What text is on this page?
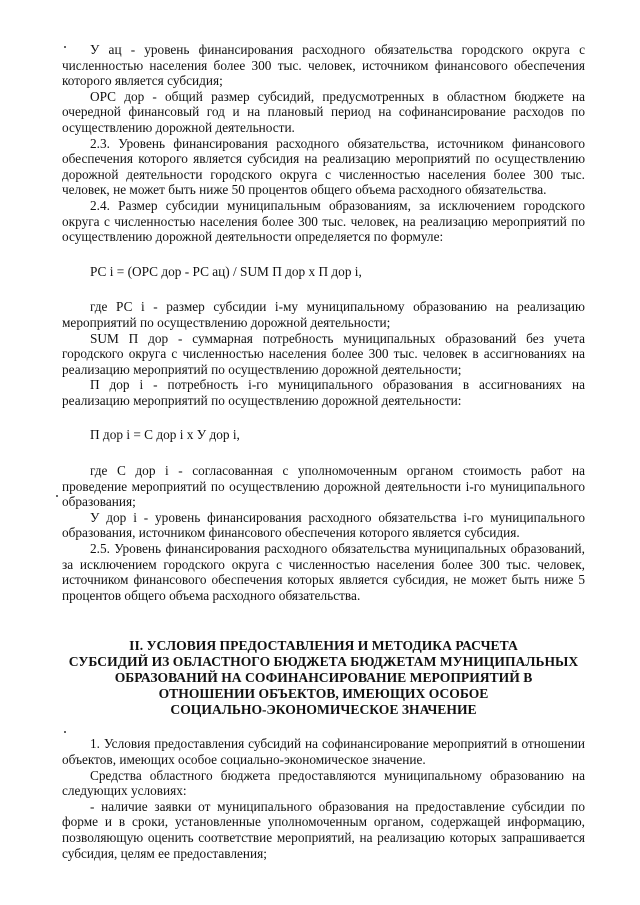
У ац - уровень финансирования расходного обязательства городского округа с численностью населения более 300 тыс. человек, источником финансового обеспечения которого является субсидия;

ОРС дор - общий размер субсидий, предусмотренных в областном бюджете на очередной финансовый год и на плановый период на софинансирование расходов по осуществлению дорожной деятельности.

2.3. Уровень финансирования расходного обязательства, источником финансового обеспечения которого является субсидия на реализацию мероприятий по осуществлению дорожной деятельности городского округа с численностью населения более 300 тыс. человек, не может быть ниже 50 процентов общего объема расходного обязательства.

2.4. Размер субсидии муниципальным образованиям, за исключением городского округа с численностью населения более 300 тыс. человек, на реализацию мероприятий по осуществлению дорожной деятельности определяется по формуле:

РС i = (ОРС дор - РС ац) / SUM П дор x П дор i,

где РС i - размер субсидии i-му муниципальному образованию на реализацию мероприятий по осуществлению дорожной деятельности;

SUM П дор - суммарная потребность муниципальных образований без учета городского округа с численностью населения более 300 тыс. человек в ассигнованиях на реализацию мероприятий по осуществлению дорожной деятельности;

П дор i - потребность i-го муниципального образования в ассигнованиях на реализацию мероприятий по осуществлению дорожной деятельности:

П дор i = С дор i x У дор i,

где С дор i - согласованная с уполномоченным органом стоимость работ на проведение мероприятий по осуществлению дорожной деятельности i-го муниципального образования;

У дор i - уровень финансирования расходного обязательства i-го муниципального образования, источником финансового обеспечения которого является субсидия.

2.5. Уровень финансирования расходного обязательства муниципальных образований, за исключением городского округа с численностью населения более 300 тыс. человек, источником финансового обеспечения которых является субсидия, не может быть ниже 5 процентов общего объема расходного обязательства.

II. УСЛОВИЯ ПРЕДОСТАВЛЕНИЯ И МЕТОДИКА РАСЧЕТА
СУБСИДИЙ ИЗ ОБЛАСТНОГО БЮДЖЕТА БЮДЖЕТАМ МУНИЦИПАЛЬНЫХ
ОБРАЗОВАНИЙ НА СОФИНАНСИРОВАНИЕ МЕРОПРИЯТИЙ В
ОТНОШЕНИИ ОБЪЕКТОВ, ИМЕЮЩИХ ОСОБОЕ
СОЦИАЛЬНО-ЭКОНОМИЧЕСКОЕ ЗНАЧЕНИЕ

1. Условия предоставления субсидий на софинансирование мероприятий в отношении объектов, имеющих особое социально-экономическое значение.

Средства областного бюджета предоставляются муниципальному образованию на следующих условиях:

- наличие заявки от муниципального образования на предоставление субсидии по форме и в сроки, установленные уполномоченным органом, содержащей информацию, позволяющую оценить соответствие мероприятий, на реализацию которых запрашивается субсидия, целям ее предоставления;
